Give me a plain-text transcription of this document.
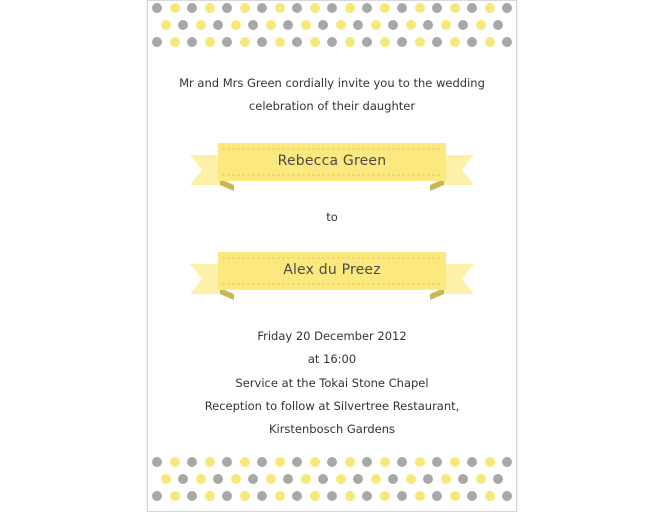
Mr and Mrs Green cordially invite you to the wedding
celebration of their daughter
Rebecca Green
to
Alex du Preez
Friday 20 December 2012
at 16:00
Service at the Tokai Stone Chapel
Reception to follow at Silvertree Restaurant,
Kirstenbosch Gardens
